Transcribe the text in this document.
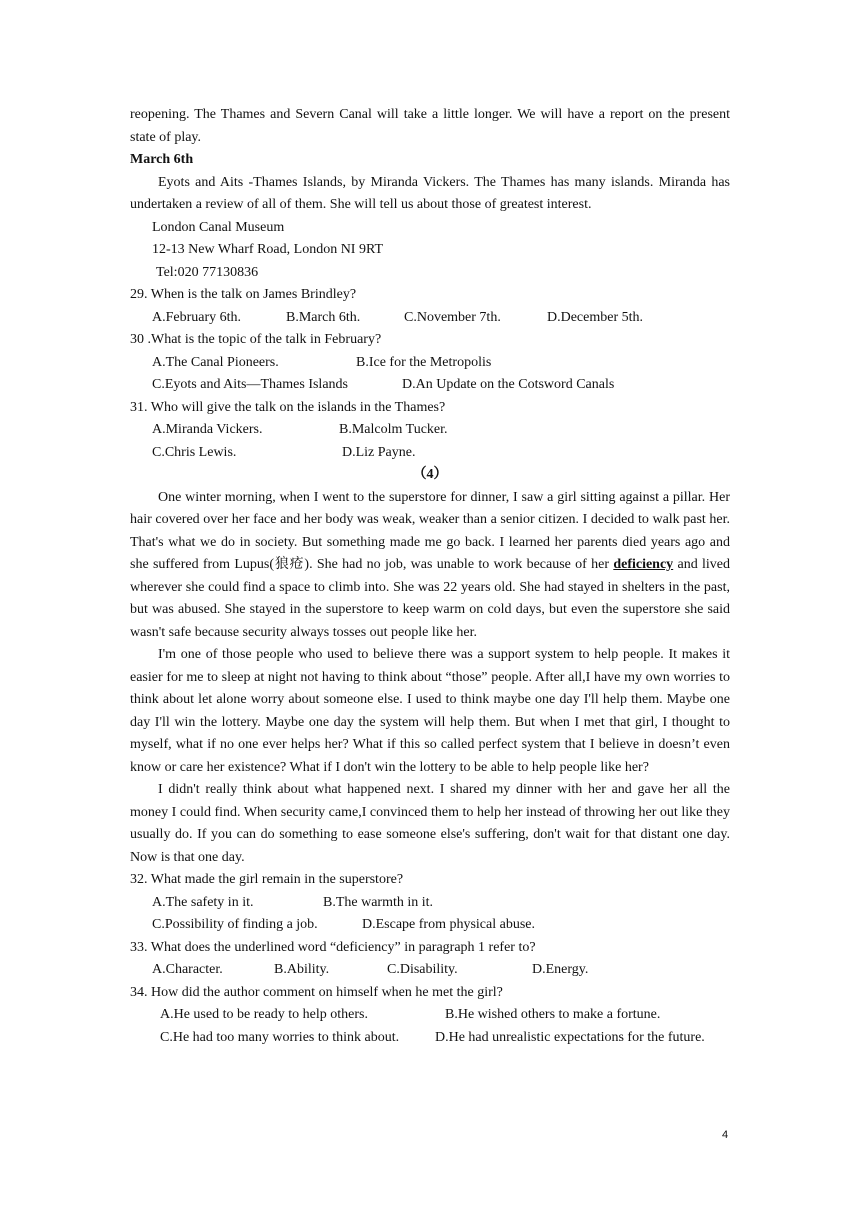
reopening. The Thames and Severn Canal will take a little longer. We will have a report on the present state of play.

March 6th

Eyots and Aits -Thames Islands, by Miranda Vickers. The Thames has many islands. Miranda has undertaken a review of all of them. She will tell us about those of greatest interest.

London Canal Museum

12-13 New Wharf Road, London NI 9RT

Tel:020 77130836

29. When is the talk on James Brindley?

A.February 6th.	B.March 6th.	C.November 7th.	D.December 5th.

30 .What is the topic of the talk in February?

A.The Canal Pioneers.	B.Ice for the Metropolis
C.Eyots and Aits—Thames Islands	D.An Update on the Cotsword Canals

31. Who will give the talk on the islands in the Thames?

A.Miranda Vickers.	B.Malcolm Tucker.
C.Chris Lewis.	D.Liz Payne.

（4）

One winter morning, when I went to the superstore for dinner, I saw a girl sitting against a pillar. Her hair covered over her face and her body was weak, weaker than a senior citizen. I decided to walk past her. That's what we do in society. But something made me go back. I learned her parents died years ago and she suffered from Lupus(狼疮). She had no job, was unable to work because of her deficiency and lived wherever she could find a space to climb into. She was 22 years old. She had stayed in shelters in the past, but was abused. She stayed in the superstore to keep warm on cold days, but even the superstore she said wasn't safe because security always tosses out people like her.

I'm one of those people who used to believe there was a support system to help people. It makes it easier for me to sleep at night not having to think about “those” people. After all,I have my own worries to think about let alone worry about someone else. I used to think maybe one day I'll help them. Maybe one day I'll win the lottery. Maybe one day the system will help them. But when I met that girl, I thought to myself, what if no one ever helps her? What if this so called perfect system that I believe in doesn’t even know or care her existence? What if I don't win the lottery to be able to help people like her?

I didn't really think about what happened next. I shared my dinner with her and gave her all the money I could find. When security came,I convinced them to help her instead of throwing her out like they usually do. If you can do something to ease someone else's suffering, don't wait for that distant one day. Now is that one day.

32. What made the girl remain in the superstore?

A.The safety in it.	B.The warmth in it.
C.Possibility of finding a job.	D.Escape from physical abuse.

33. What does the underlined word “deficiency” in paragraph 1 refer to?

A.Character.	B.Ability.	C.Disability.	D.Energy.

34. How did the author comment on himself when he met the girl?

A.He used to be ready to help others.	B.He wished others to make a fortune.
C.He had too many worries to think about.	D.He had unrealistic expectations for the future.
4
